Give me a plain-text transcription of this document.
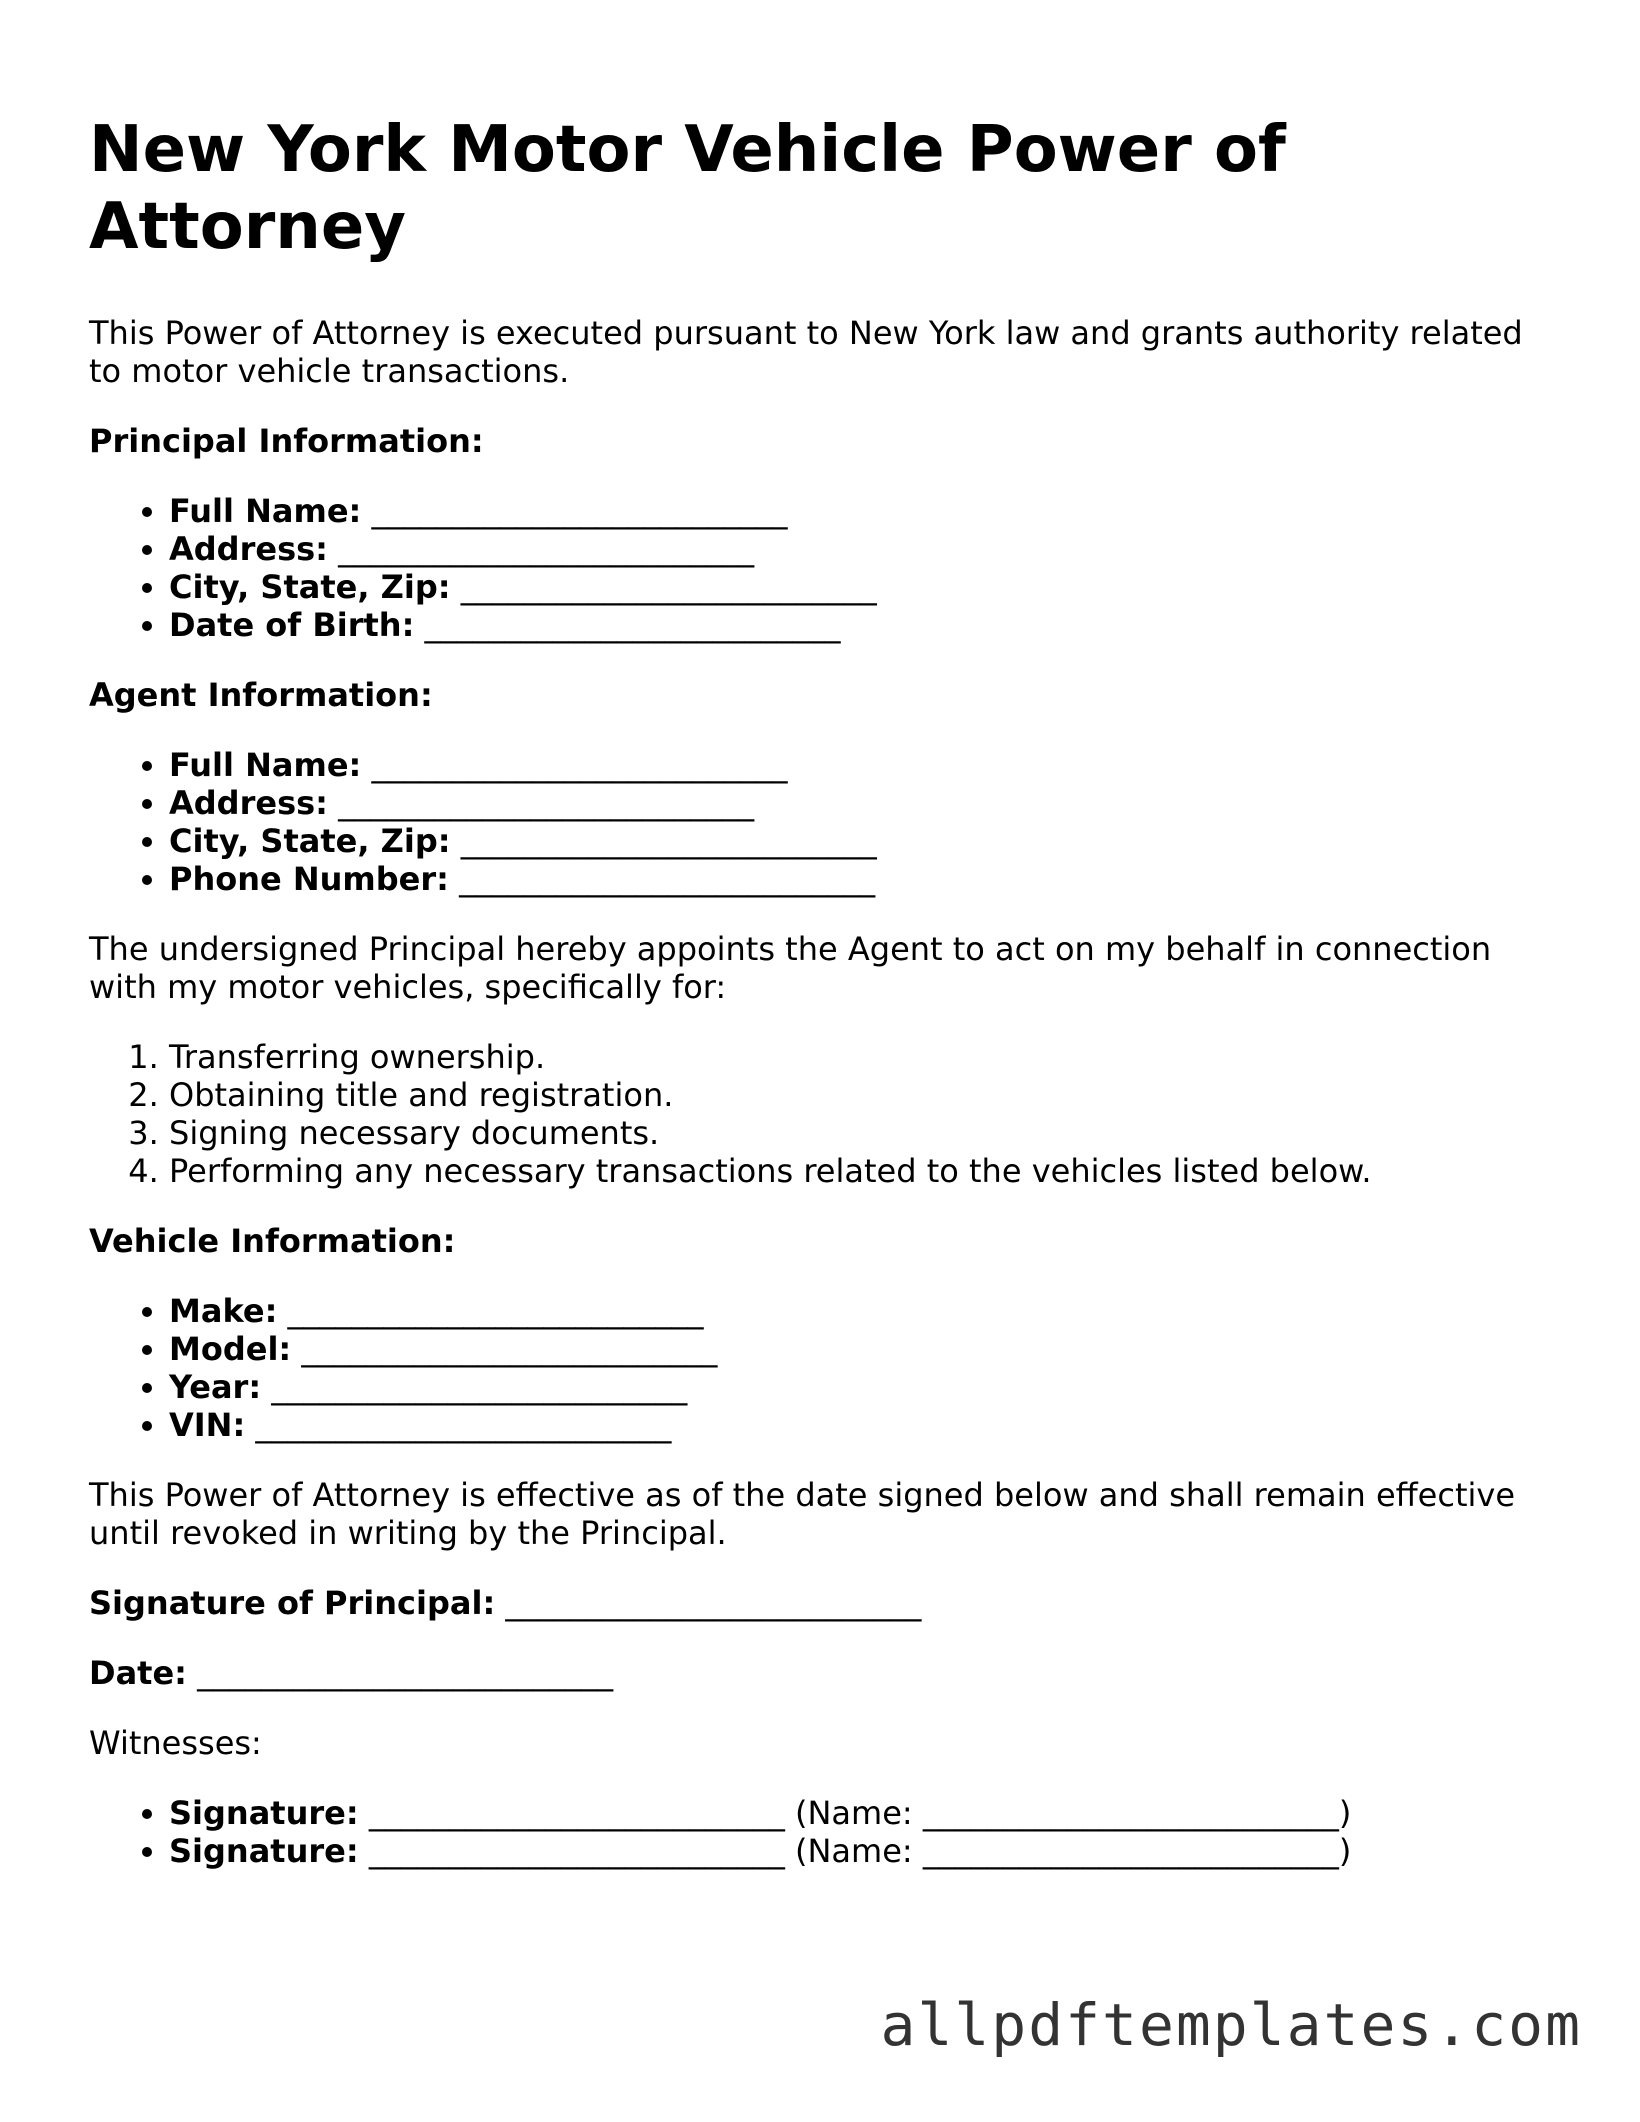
New York Motor Vehicle Power of Attorney

This Power of Attorney is executed pursuant to New York law and grants authority related to motor vehicle transactions.

Principal Information:

• Full Name: __________________________
• Address: __________________________
• City, State, Zip: __________________________
• Date of Birth: __________________________

Agent Information:

• Full Name: __________________________
• Address: __________________________
• City, State, Zip: __________________________
• Phone Number: __________________________

The undersigned Principal hereby appoints the Agent to act on my behalf in connection with my motor vehicles, specifically for:

1. Transferring ownership.
2. Obtaining title and registration.
3. Signing necessary documents.
4. Performing any necessary transactions related to the vehicles listed below.

Vehicle Information:

• Make: __________________________
• Model: __________________________
• Year: __________________________
• VIN: __________________________

This Power of Attorney is effective as of the date signed below and shall remain effective until revoked in writing by the Principal.

Signature of Principal: __________________________

Date: __________________________

Witnesses:

• Signature: __________________________ (Name: __________________________)
• Signature: __________________________ (Name: __________________________)
allpdftemplates.com
